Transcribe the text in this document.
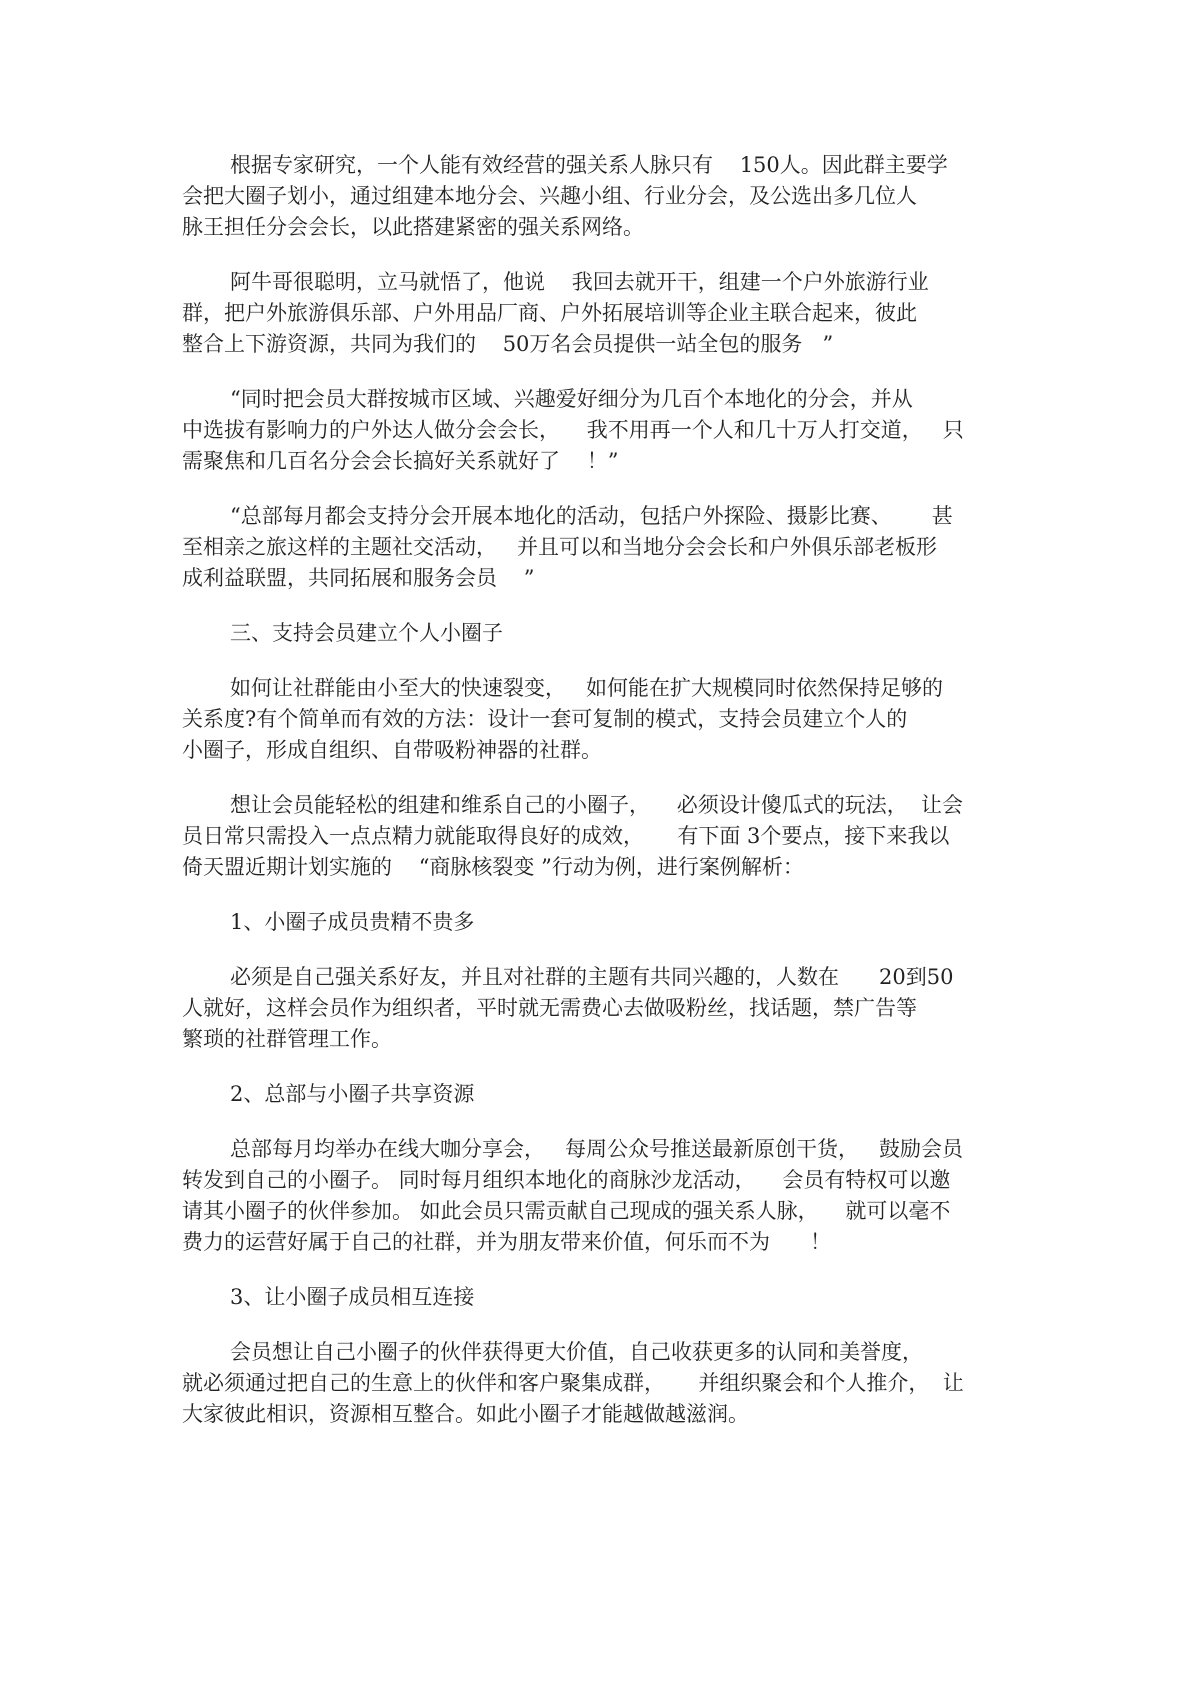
根据专家研究，一个人能有效经营的强关系人脉只有    150人。因此群主要学
会把大圈子划小，通过组建本地分会、兴趣小组、行业分会，及公选出多几位人
脉王担任分会会长，以此搭建紧密的强关系网络。
阿牛哥很聪明，立马就悟了，他说    我回去就开干，组建一个户外旅游行业
群，把户外旅游俱乐部、户外用品厂商、户外拓展培训等企业主联合起来，彼此
整合上下游资源，共同为我们的    50万名会员提供一站全包的服务   ”
“同时把会员大群按城市区域、兴趣爱好细分为几百个本地化的分会，并从
中选拔有影响力的户外达人做分会会长，    我不用再一个人和几十万人打交道，   只
需聚焦和几百名分会会长搞好关系就好了    ！”
“总部每月都会支持分会开展本地化的活动，包括户外探险、摄影比赛、      甚
至相亲之旅这样的主题社交活动，   并且可以和当地分会会长和户外俱乐部老板形
成利益联盟，共同拓展和服务会员    ”
三、支持会员建立个人小圈子
如何让社群能由小至大的快速裂变，   如何能在扩大规模同时依然保持足够的
关系度?有个简单而有效的方法：设计一套可复制的模式，支持会员建立个人的
小圈子，形成自组织、自带吸粉神器的社群。
想让会员能轻松的组建和维系自己的小圈子，    必须设计傻瓜式的玩法，  让会
员日常只需投入一点点精力就能取得良好的成效，     有下面 3个要点，接下来我以
倚天盟近期计划实施的    “商脉核裂变 ”行动为例，进行案例解析：
1、小圈子成员贵精不贵多
必须是自己强关系好友，并且对社群的主题有共同兴趣的，人数在      20到50
人就好，这样会员作为组织者，平时就无需费心去做吸粉丝，找话题，禁广告等
繁琐的社群管理工作。
2、总部与小圈子共享资源
总部每月均举办在线大咖分享会，   每周公众号推送最新原创干货，   鼓励会员
转发到自己的小圈子。 同时每月组织本地化的商脉沙龙活动，    会员有特权可以邀
请其小圈子的伙伴参加。 如此会员只需贡献自己现成的强关系人脉，    就可以毫不
费力的运营好属于自己的社群，并为朋友带来价值，何乐而不为      ！
3、让小圈子成员相互连接
会员想让自己小圈子的伙伴获得更大价值，自己收获更多的认同和美誉度，
就必须通过把自己的生意上的伙伴和客户聚集成群，     并组织聚会和个人推介，  让
大家彼此相识，资源相互整合。如此小圈子才能越做越滋润。
